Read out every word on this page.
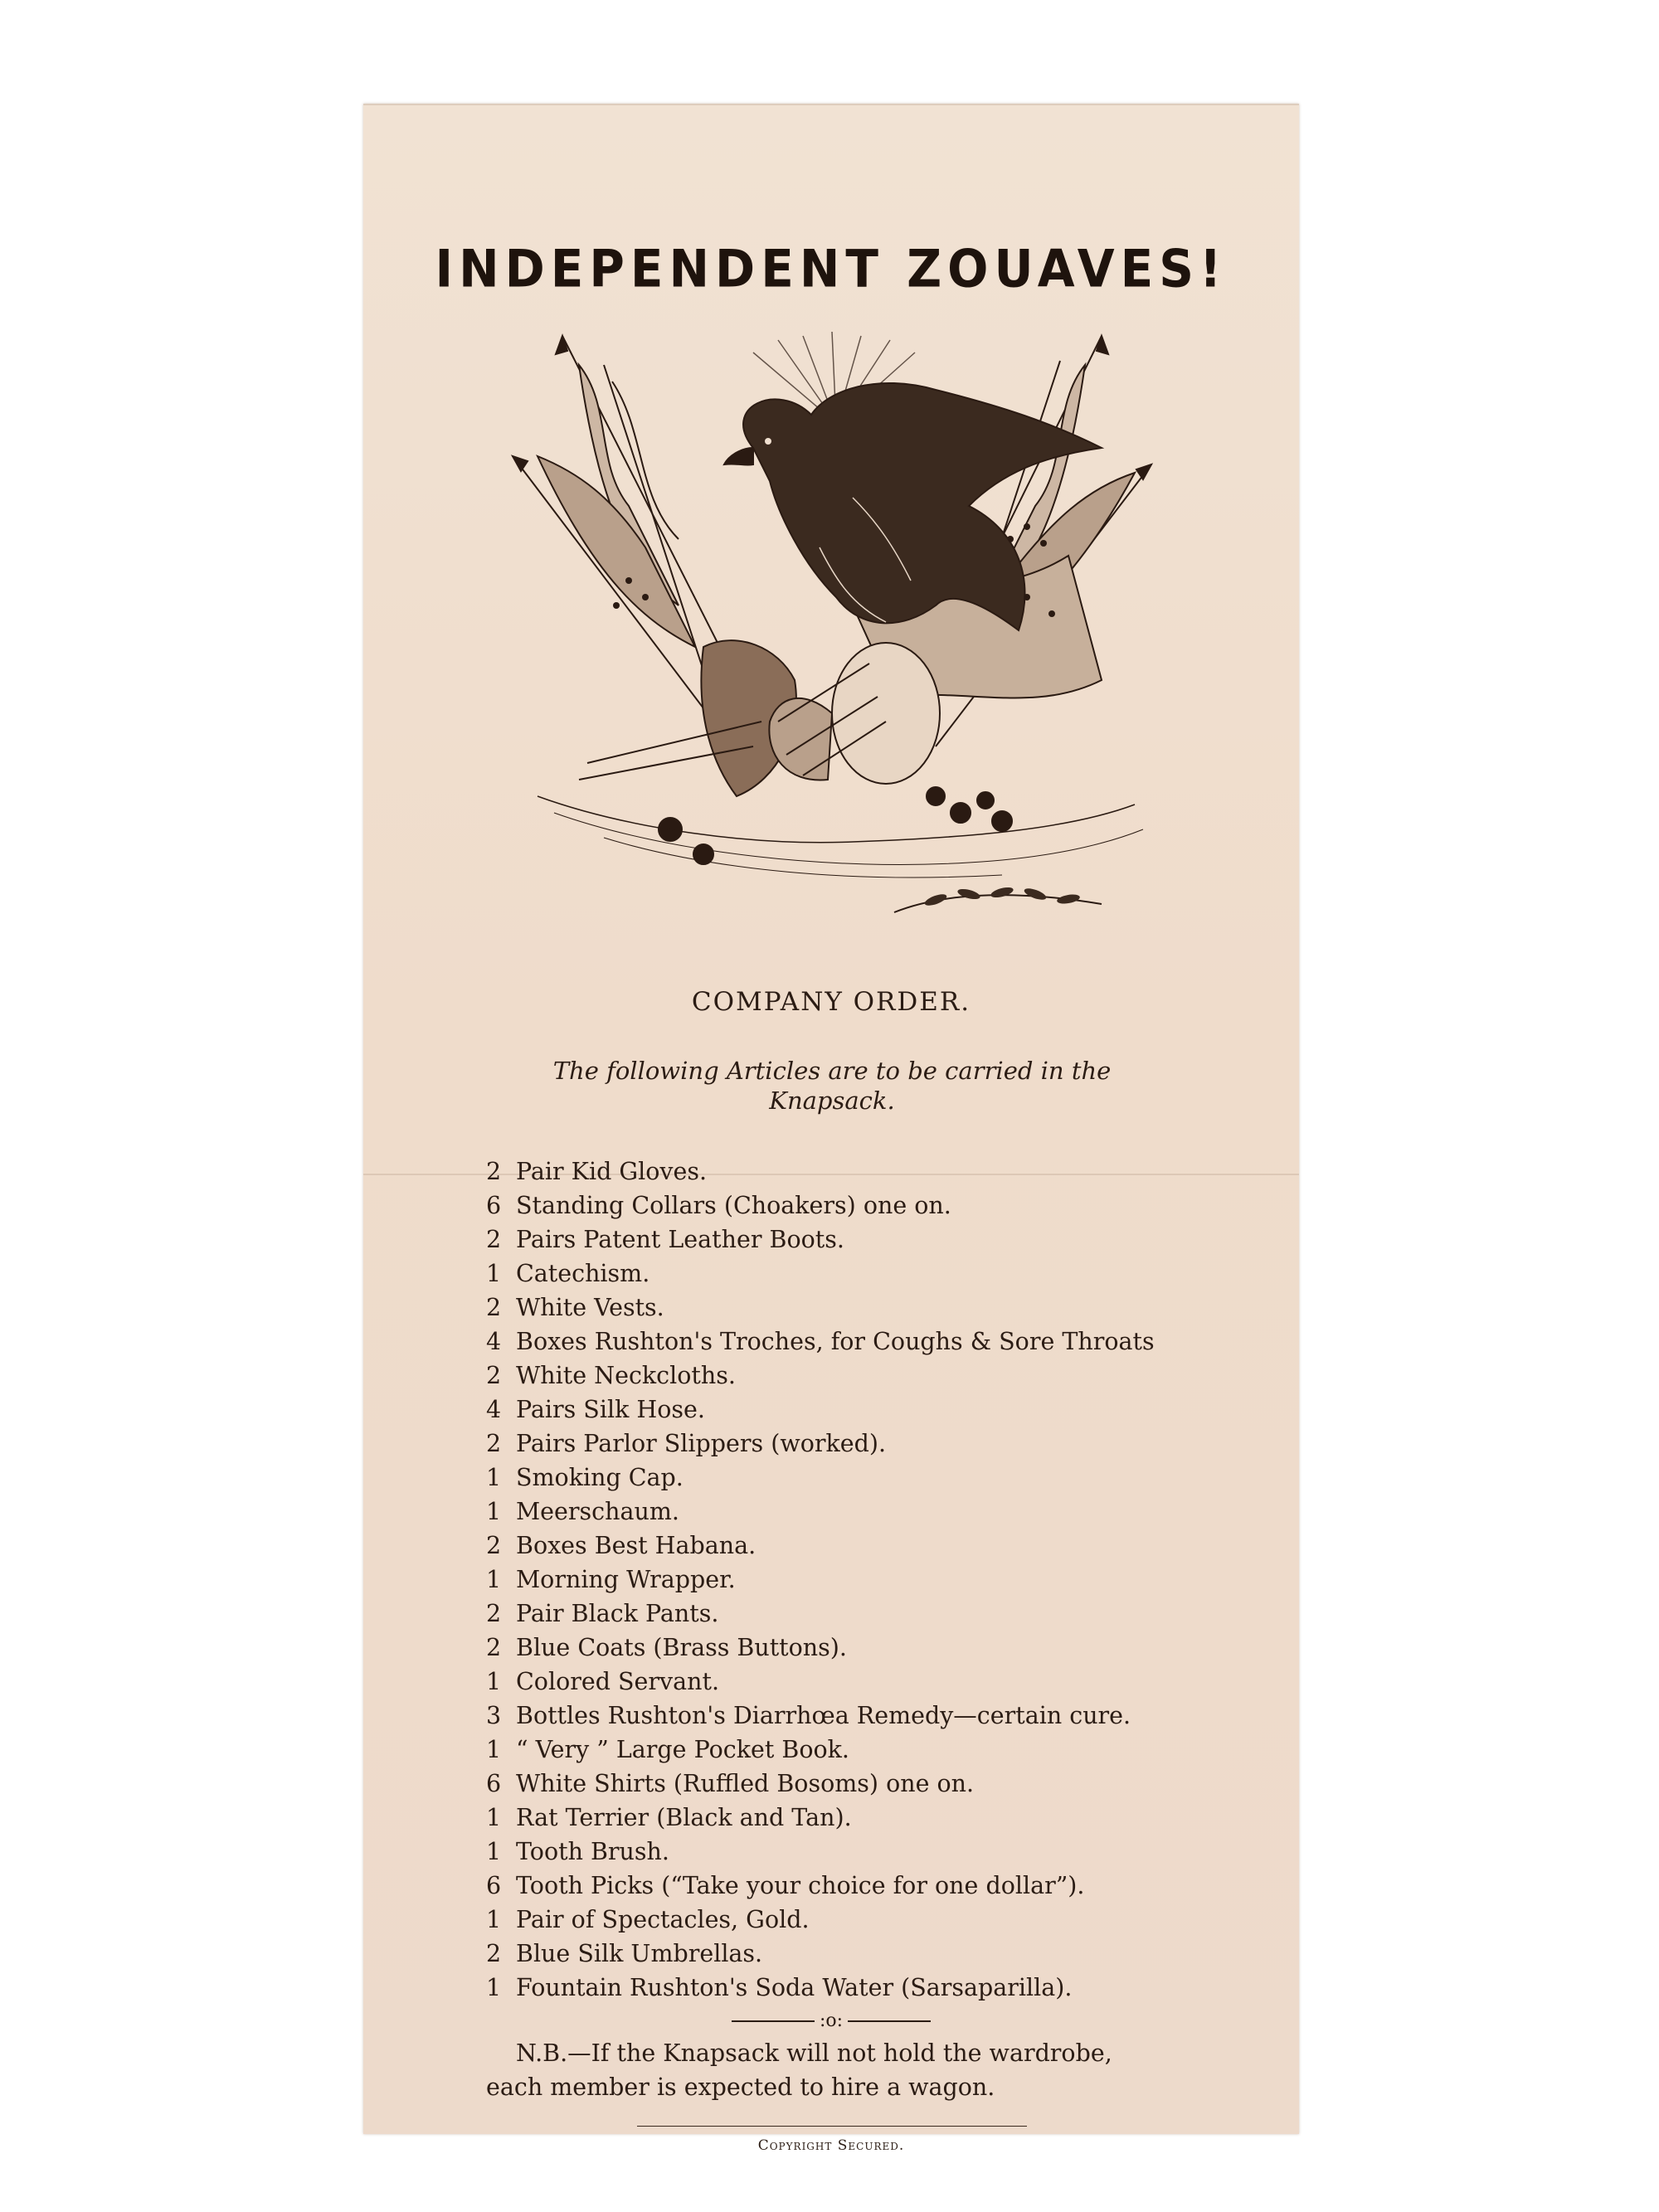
INDEPENDENT ZOUAVES!
COMPANY ORDER.
The following Articles are to be carried in the
Knapsack.
2 Pair Kid Gloves.
6 Standing Collars (Choakers) one on.
2 Pairs Patent Leather Boots.
1 Catechism.
2 White Vests.
4 Boxes Rushton's Troches, for Coughs & Sore Throats
2 White Neckcloths.
4 Pairs Silk Hose.
2 Pairs Parlor Slippers (worked).
1 Smoking Cap.
1 Meerschaum.
2 Boxes Best Habana.
1 Morning Wrapper.
2 Pair Black Pants.
2 Blue Coats (Brass Buttons).
1 Colored Servant.
3 Bottles Rushton's Diarrhœa Remedy—certain cure.
1 “ Very ” Large Pocket Book.
6 White Shirts (Ruffled Bosoms) one on.
1 Rat Terrier (Black and Tan).
1 Tooth Brush.
6 Tooth Picks (“Take your choice for one dollar”).
1 Pair of Spectacles, Gold.
2 Blue Silk Umbrellas.
1 Fountain Rushton's Soda Water (Sarsaparilla).
:o:
N.B.—If the Knapsack will not hold the wardrobe,
each member is expected to hire a wagon.
Copyright Secured.
